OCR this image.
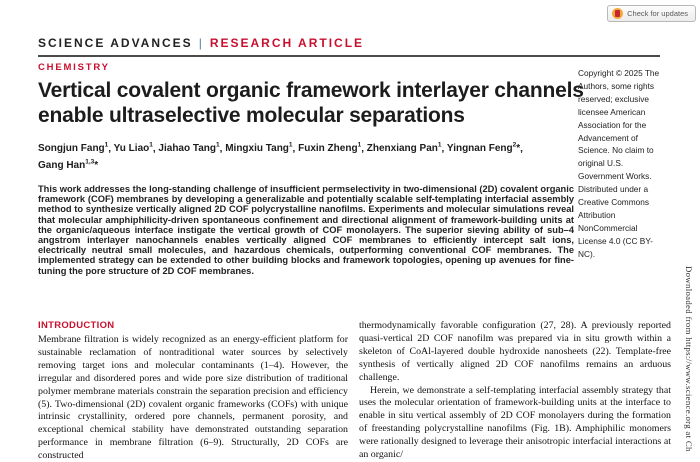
Check for updates
SCIENCE ADVANCES | RESEARCH ARTICLE
CHEMISTRY
Vertical covalent organic framework interlayer channels enable ultraselective molecular separations
Songjun Fang$^1$, Yu Liao$^1$, Jiahao Tang$^1$, Mingxiu Tang$^1$, Fuxin Zheng$^1$, Zhenxiang Pan$^1$, Yingnan Feng$^2$*, Gang Han$^{1,3}$*

This work addresses the long-standing challenge of insufficient permselectivity in two-dimensional (2D) covalent organic framework (COF) membranes by developing a generalizable and potentially scalable self-templating interfacial assembly method to synthesize vertically aligned 2D COF polycrystalline nanofilms. Experiments and molecular simulations reveal that molecular amphiphilicity-driven spontaneous confinement and directional alignment of framework-building units at the organic/aqueous interface instigate the vertical growth of COF monolayers. The superior sieving ability of sub–4 angstrom interlayer nanochannels enables vertically aligned COF membranes to efficiently intercept salt ions, electrically neutral small molecules, and hazardous chemicals, outperforming conventional COF membranes. The implemented strategy can be extended to other building blocks and framework topologies, opening up avenues for fine-tuning the pore structure of 2D COF membranes.

Copyright © 2025 The Authors, some rights reserved; exclusive licensee American Association for the Advancement of Science. No claim to original U.S. Government Works. Distributed under a Creative Commons Attribution NonCommercial License 4.0 (CC BY-NC).
INTRODUCTION

Membrane filtration is widely recognized as an energy-efficient platform for sustainable reclamation of nontraditional water sources by selectively removing target ions and molecular contaminants (1–4). However, the irregular and disordered pores and wide pore size distribution of traditional polymer membrane materials constrain the separation precision and efficiency (5). Two-dimensional (2D) covalent organic frameworks (COFs) with unique intrinsic crystallinity, ordered pore channels, permanent porosity, and exceptional chemical stability have demonstrated outstanding separation performance in membrane filtration (6–9). Structurally, 2D COFs are constructed

thermodynamically favorable configuration (27, 28). A previously reported quasi-vertical 2D COF nanofilm was prepared via in situ growth within a skeleton of CoAl-layered double hydroxide nanosheets (22). Template-free synthesis of vertically aligned 2D COF nanofilms remains an arduous challenge.

Herein, we demonstrate a self-templating interfacial assembly strategy that uses the molecular orientation of framework-building units at the interface to enable in situ vertical assembly of 2D COF monolayers during the formation of freestanding polycrystalline nanofilms (Fig. 1B). Amphiphilic monomers were rationally designed to leverage their anisotropic interfacial interactions at an organic/

Downloaded from https://www.science.org at Ch
